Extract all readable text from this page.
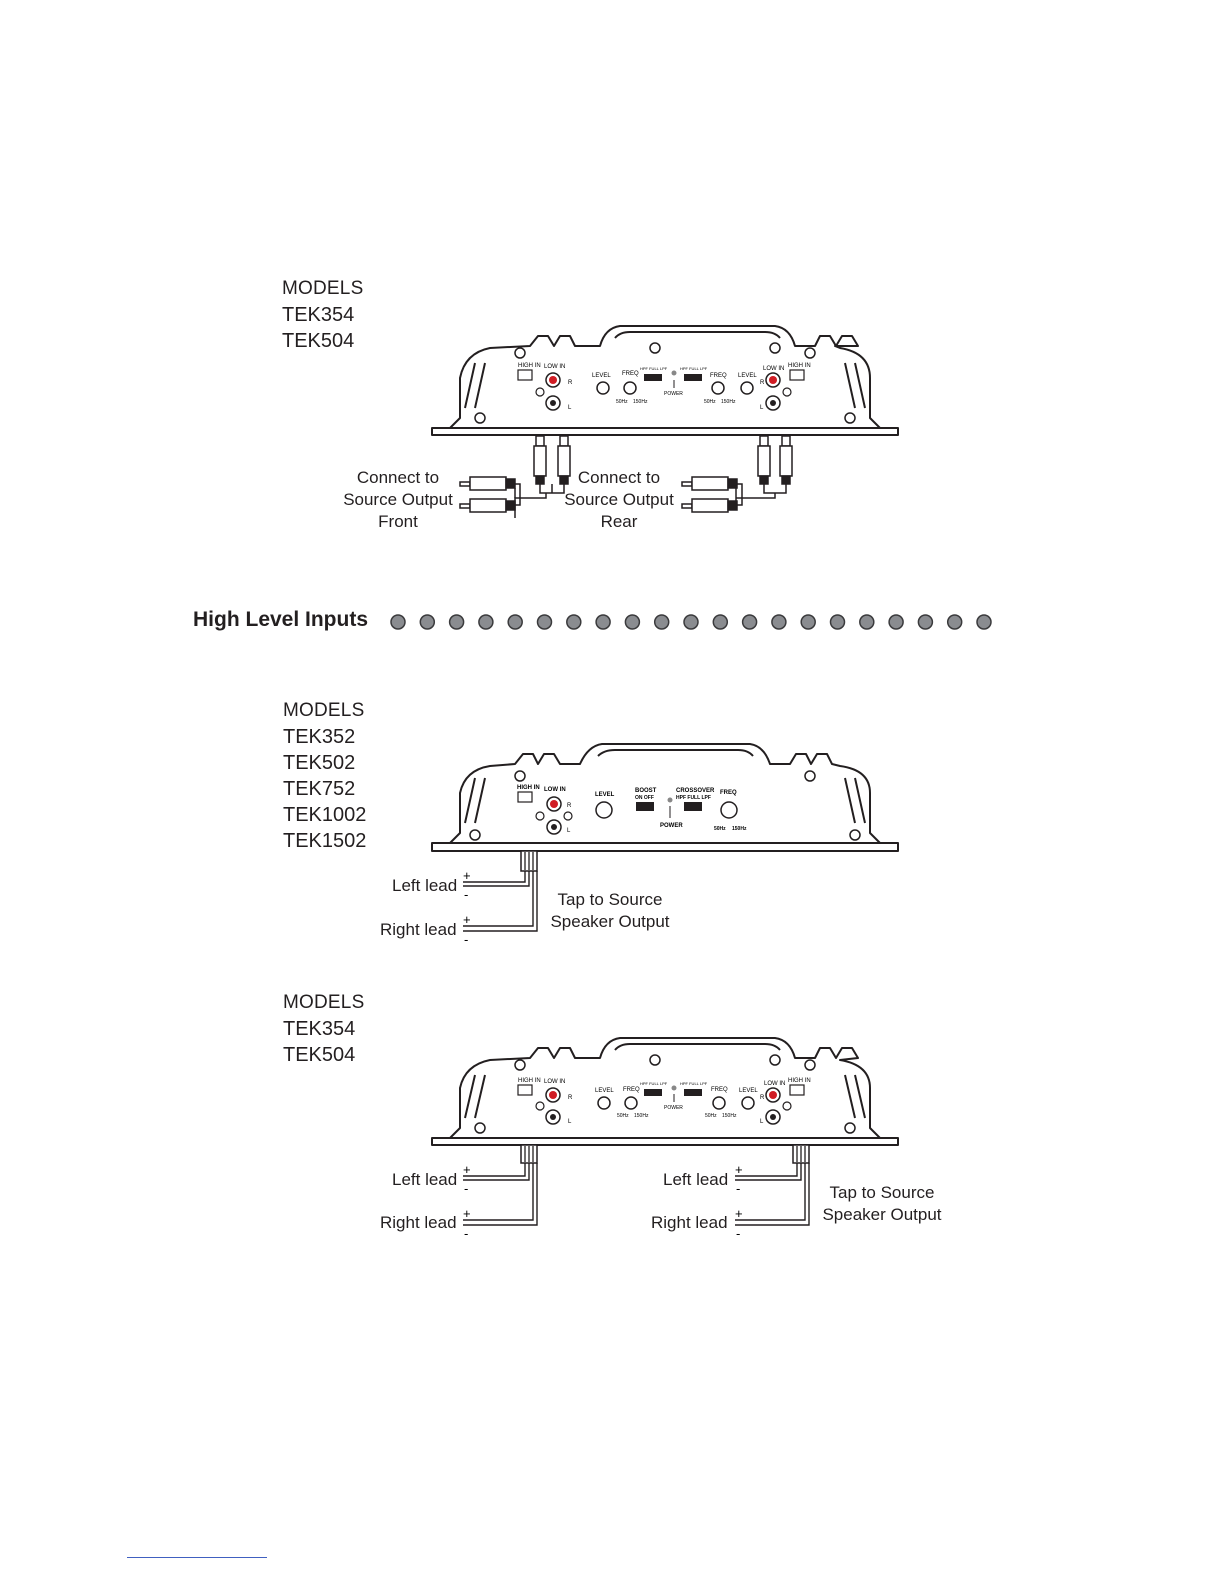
MODELS
TEK354
TEK504
HIGH IN LOW IN
R
L
LEVEL FREQ
50Hz 150Hz
HPF FULL LPF
POWER
HPF FULL LPF
FREQ
50Hz 150Hz
LEVEL
LOW IN
R
L
HIGH IN
Connect to
Source Output
Front
Connect to
Source Output
Rear
High Level Inputs
MODELS
TEK352
TEK502
TEK752
TEK1002
TEK1502
HIGH IN LOW IN
R
L
LEVEL
BOOST
ON OFF
POWER
CROSSOVER
HPF FULL LPF
FREQ
50Hz 150Hz
+
-
+
-
Left lead
Right lead
Tap to Source
Speaker Output
MODELS
TEK354
TEK504
HIGH IN LOW IN
R
L
LEVEL FREQ
50Hz 150Hz
HPF FULL LPF
POWER
HPF FULL LPF
FREQ
50Hz 150Hz
LEVEL
LOW IN
R
L
HIGH IN
+
-
+
-
Left lead
Right lead
+
-
+
-
Left lead
Right lead
Tap to Source
Speaker Output
